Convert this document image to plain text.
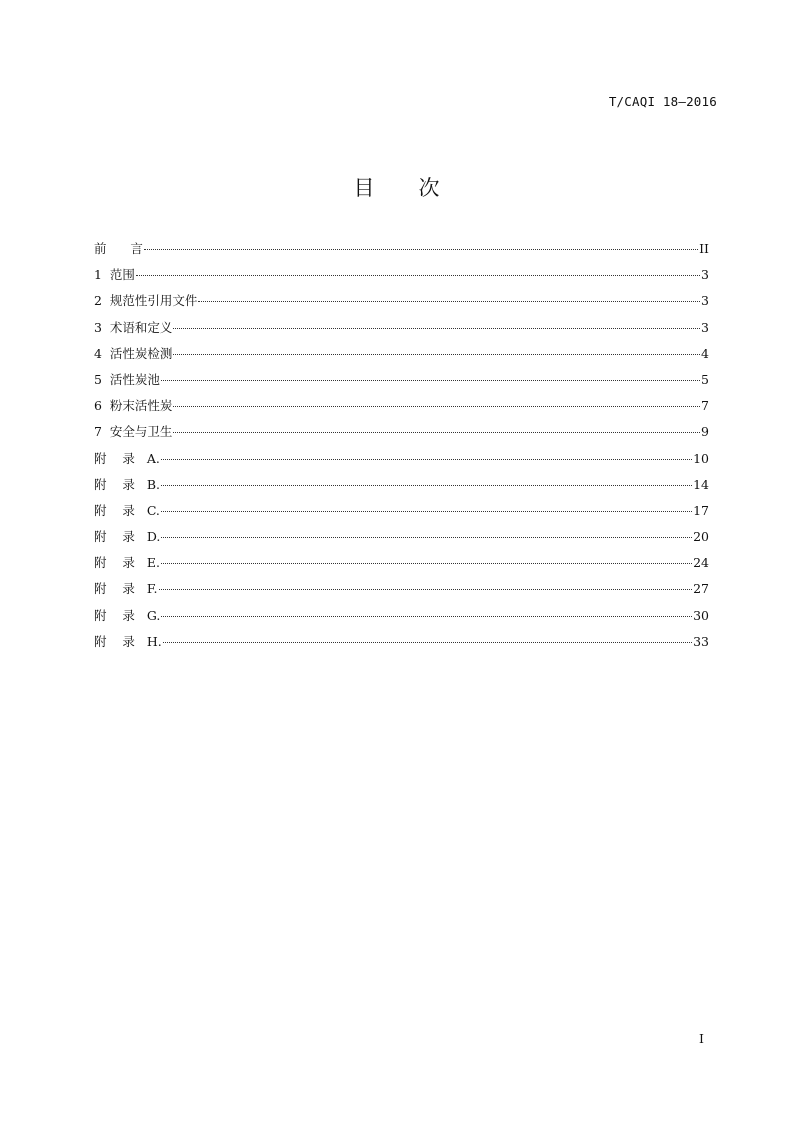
T/CAQI 18—2016
目 次
前      言	II
1  范围	3
2  规范性引用文件	3
3  术语和定义	3
4  活性炭检测	4
5  活性炭池	5
6  粉末活性炭	7
7  安全与卫生	9
附    录   A.	10
附    录   B.	14
附    录   C.	17
附    录   D.	20
附    录   E.	24
附    录   F.	27
附    录   G.	30
附    录   H.	33
I
